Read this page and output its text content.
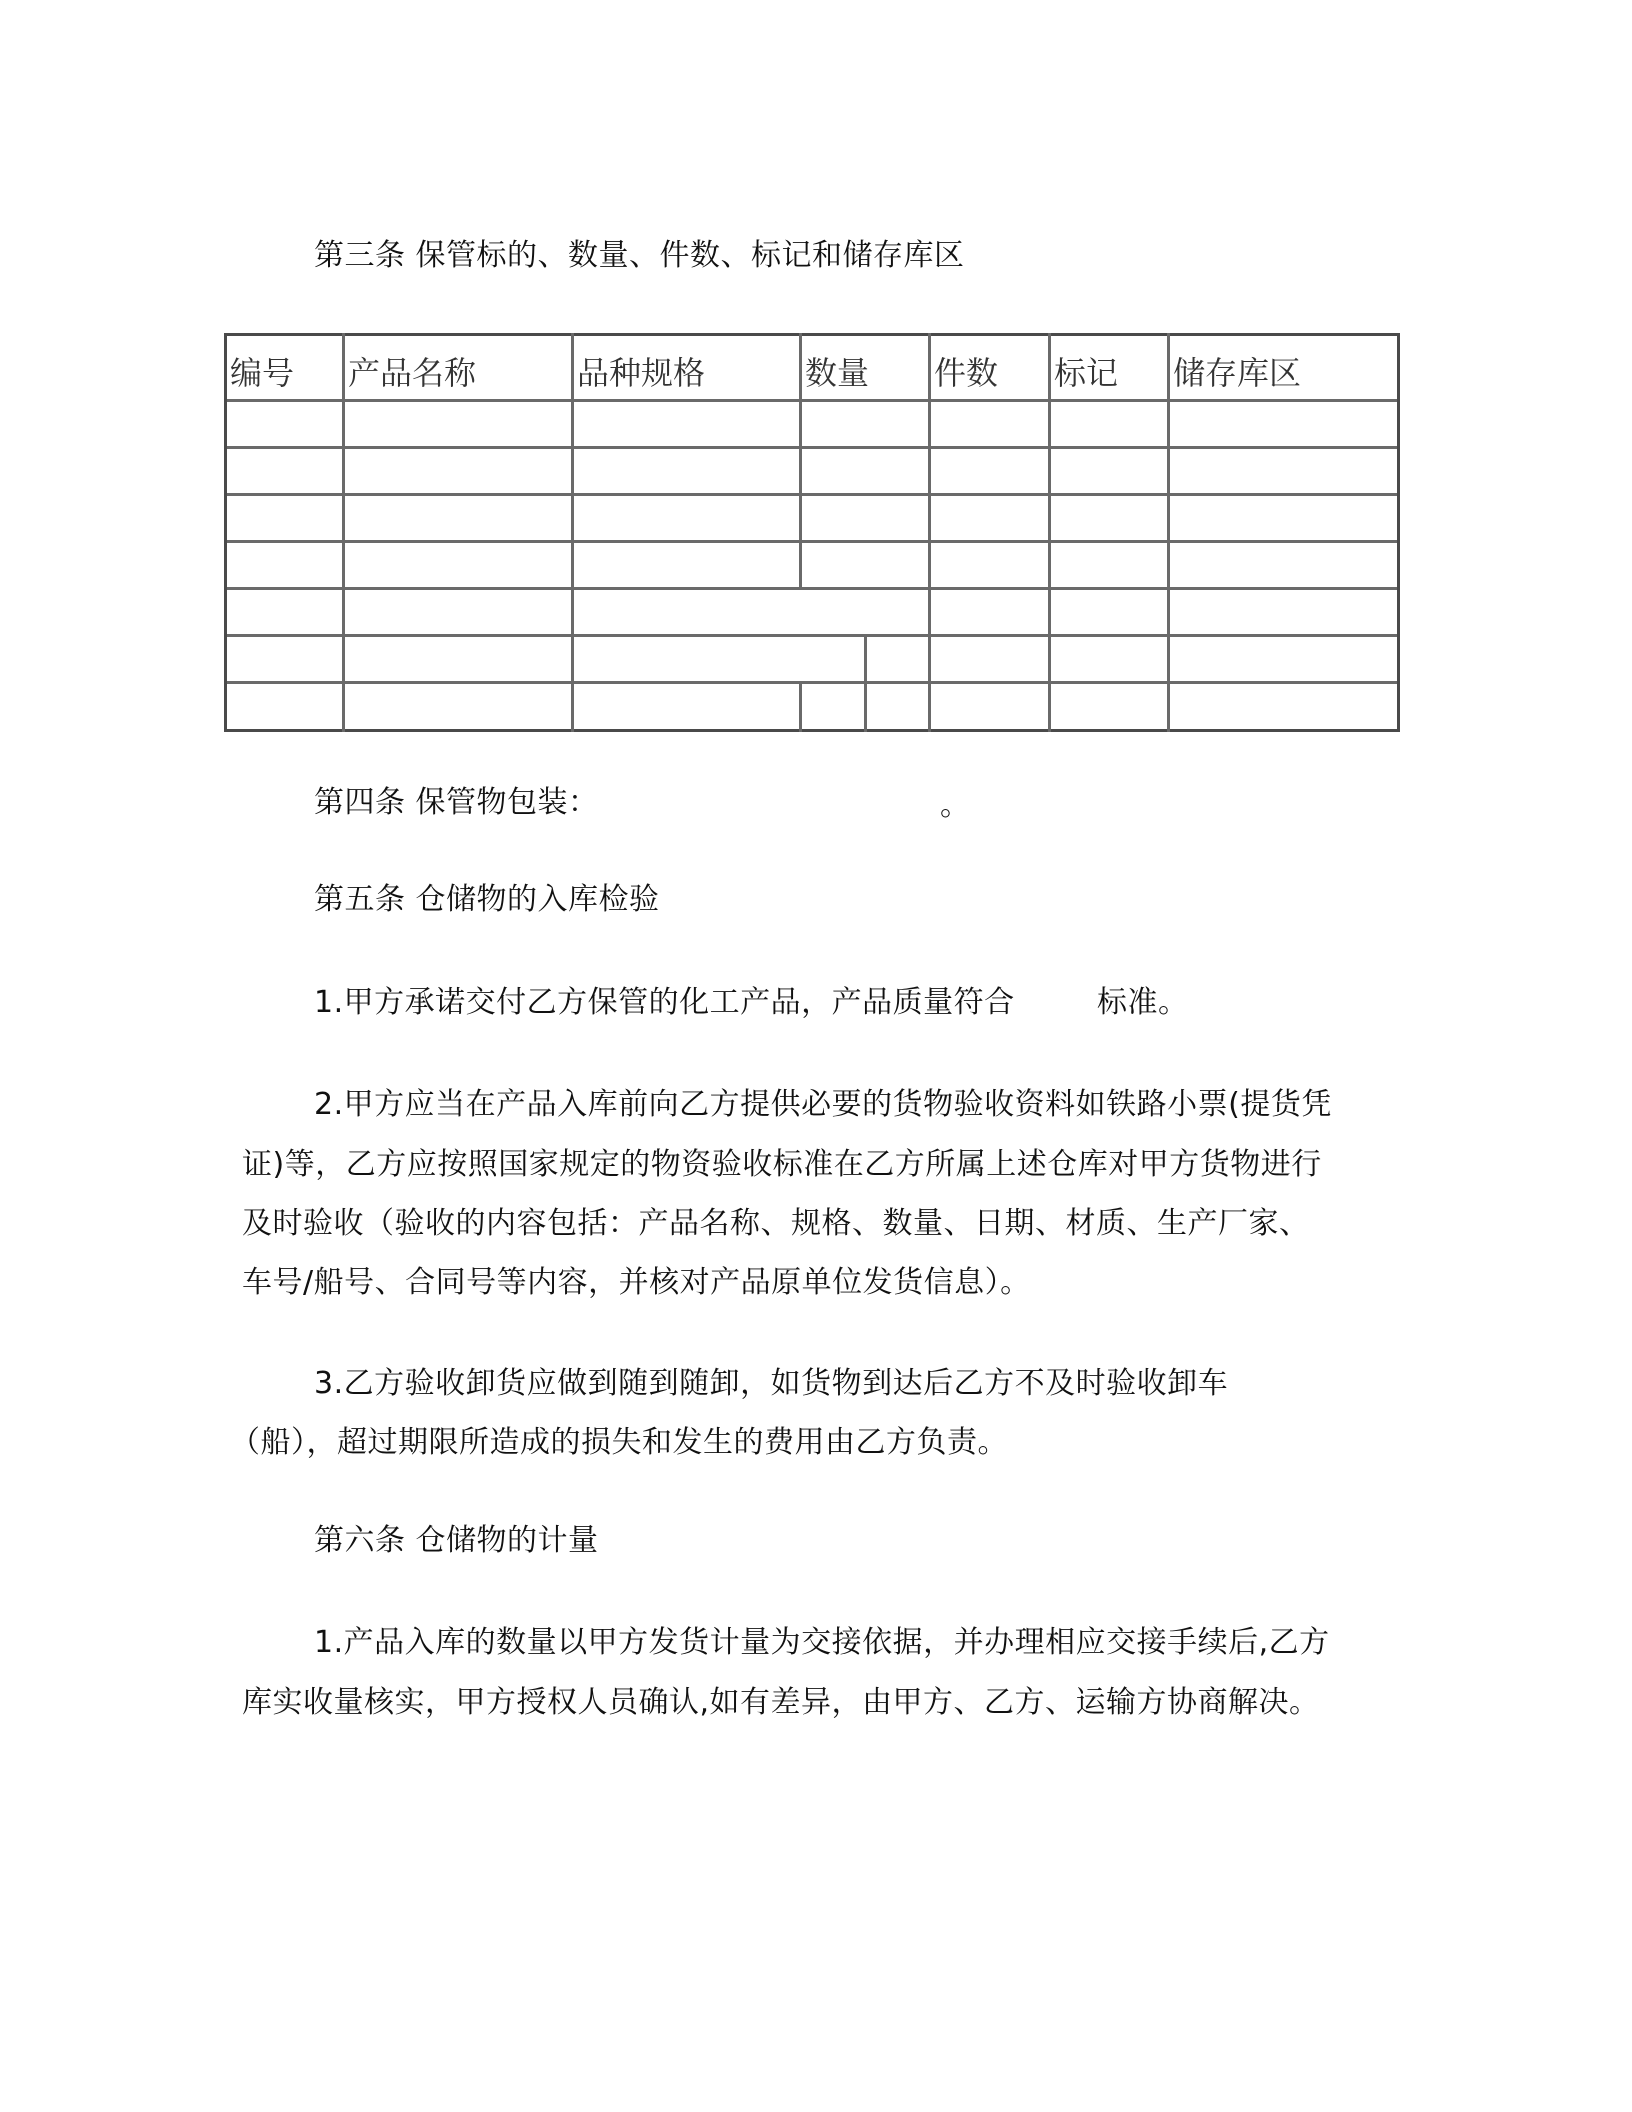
第三条 保管标的、数量、件数、标记和储存库区
编号 产品名称	品种规格	数量 件数 标记 储存库区
第四条 保管物包装：	。
第五条 仓储物的入库检验
1.甲方承诺交付乙方保管的化工产品，产品质量符合	标准。
2.甲方应当在产品入库前向乙方提供必要的货物验收资料如铁路小票(提货凭
证)等，乙方应按照国家规定的物资验收标准在乙方所属上述仓库对甲方货物进行
及时验收（验收的内容包括：产品名称、规格、数量、日期、材质、生产厂家、
车号/船号、合同号等内容，并核对产品原单位发货信息）。
3.乙方验收卸货应做到随到随卸，如货物到达后乙方不及时验收卸车
（船），超过期限所造成的损失和发生的费用由乙方负责。
第六条 仓储物的计量
1.产品入库的数量以甲方发货计量为交接依据，并办理相应交接手续后,乙方
库实收量核实，甲方授权人员确认,如有差异，由甲方、乙方、运输方协商解决。
